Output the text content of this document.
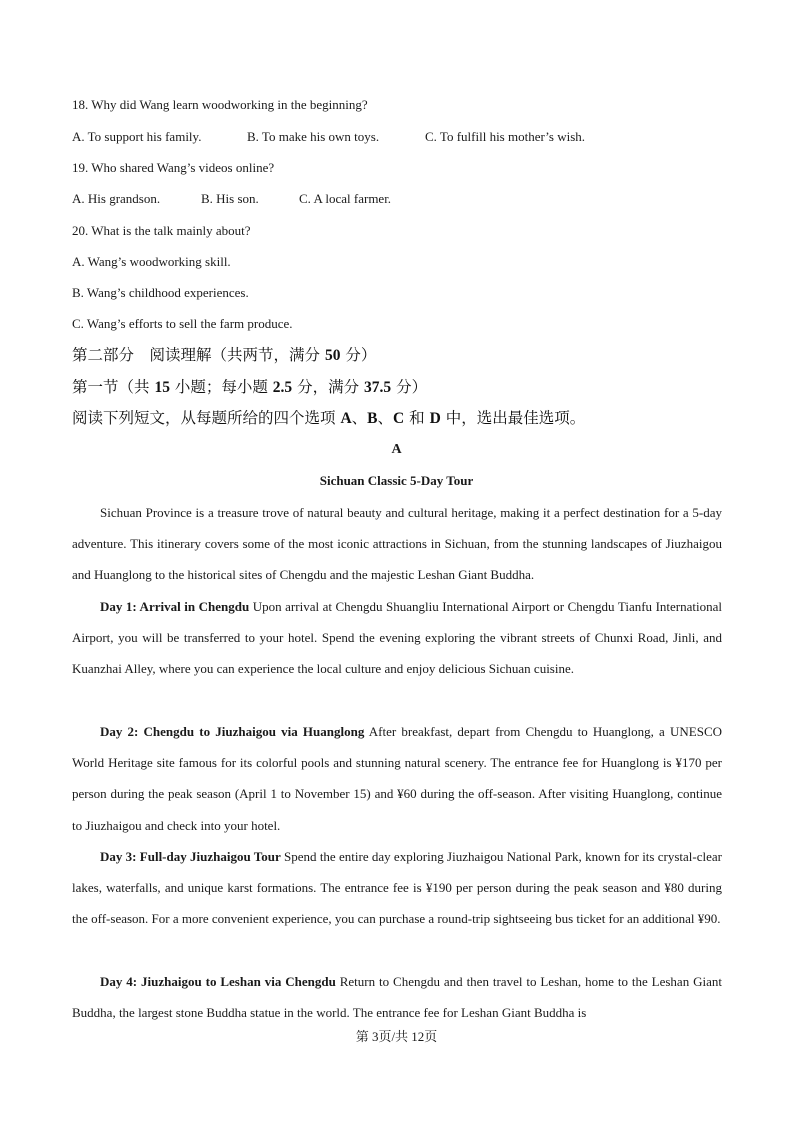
18. Why did Wang learn woodworking in the beginning?
A. To support his family.	B. To make his own toys.	C. To fulfill his mother’s wish.
19. Who shared Wang’s videos online?
A. His grandson.	B. His son.	C. A local farmer.
20. What is the talk mainly about?
A. Wang’s woodworking skill.
B. Wang’s childhood experiences.
C. Wang’s efforts to sell the farm produce.
第二部分　阅读理解（共两节，满分 50 分）
第一节（共 15 小题；每小题 2.5 分，满分 37.5 分）
阅读下列短文，从每题所给的四个选项 A、B、C 和 D 中，选出最佳选项。
A
Sichuan Classic 5-Day Tour

Sichuan Province is a treasure trove of natural beauty and cultural heritage, making it a perfect destination for a 5-day adventure. This itinerary covers some of the most iconic attractions in Sichuan, from the stunning landscapes of Jiuzhaigou and Huanglong to the historical sites of Chengdu and the majestic Leshan Giant Buddha.

Day 1: Arrival in Chengdu Upon arrival at Chengdu Shuangliu International Airport or Chengdu Tianfu International Airport, you will be transferred to your hotel. Spend the evening exploring the vibrant streets of Chunxi Road, Jinli, and Kuanzhai Alley, where you can experience the local culture and enjoy delicious Sichuan cuisine.

Day 2: Chengdu to Jiuzhaigou via Huanglong After breakfast, depart from Chengdu to Huanglong, a UNESCO World Heritage site famous for its colorful pools and stunning natural scenery. The entrance fee for Huanglong is ¥170 per person during the peak season (April 1 to November 15) and ¥60 during the off-season. After visiting Huanglong, continue to Jiuzhaigou and check into your hotel.

Day 3: Full-day Jiuzhaigou Tour Spend the entire day exploring Jiuzhaigou National Park, known for its crystal-clear lakes, waterfalls, and unique karst formations. The entrance fee is ¥190 per person during the peak season and ¥80 during the off-season. For a more convenient experience, you can purchase a round-trip sightseeing bus ticket for an additional ¥90.

Day 4: Jiuzhaigou to Leshan via Chengdu Return to Chengdu and then travel to Leshan, home to the Leshan Giant Buddha, the largest stone Buddha statue in the world. The entrance fee for Leshan Giant Buddha is

第 3页/共 12页
